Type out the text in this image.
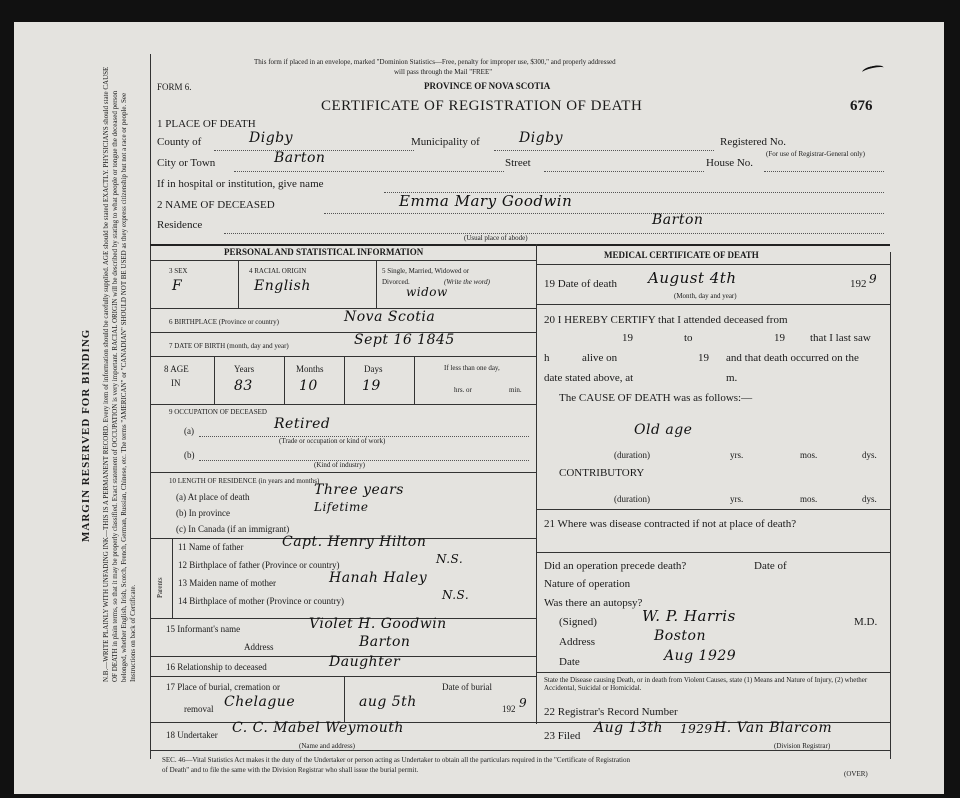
MARGIN RESERVED FOR BINDING N.B.—WRITE PLAINLY WITH UNFADING INK—THIS IS A PERMANENT RECORD. Every item of information should be carefully supplied. AGE should be stated EXACTLY. PHYSICIANS should state CAUSE OF DEATH in plain terms, so that it may be properly classified. Exact statement of OCCUPATION is very important. RACIAL ORIGIN will be described by stating to what people or tongue the deceased person belonged, whether English, Irish, Scotch, French, German, Russian, Chinese, etc. The terms "AMERICAN" or "CANADIAN" SHOULD NOT BE USED as they express citizenship but not a race or people. See Instructions on back of Certificate.
This form if placed in an envelope, marked "Dominion Statistics—Free, penalty for improper use, $300," and properly addressed
will pass through the Mail "FREE"
PROVINCE OF NOVA SCOTIA
FORM 6.
CERTIFICATE OF REGISTRATION OF DEATH	676
1 PLACE OF DEATH
County of	Digby	Municipality of	Digby	Registered No.
(For use of Registrar-General only)
City or Town	Barton	Street	House No.
If in hospital or institution, give name
2 NAME OF DECEASED	Emma Mary Goodwin
Residence	Barton
(Usual place of abode)
PERSONAL AND STATISTICAL INFORMATION
3 SEX
F
4 RACIAL ORIGIN
English
5 Single, Married, Widowed or
Divorced.	(Write the word)
widow
6 BIRTHPLACE (Province or country)	Nova Scotia
7 DATE OF BIRTH (month, day and year)	Sept 16 1845
8 AGE
IN
Years
83
Months
10
Days
19
If less than one day,
hrs. or	min.
9 OCCUPATION OF DECEASED
(a)	Retired
(Trade or occupation or kind of work)
(b)
(Kind of industry)
10 LENGTH OF RESIDENCE (in years and months)
(a) At place of death	Three years
(b) In province	Lifetime
(c) In Canada (if an immigrant)
Parents
11 Name of father	Capt. Henry Hilton
12 Birthplace of father (Province or country)	N.S.
13 Maiden name of mother	Hanah Haley
14 Birthplace of mother (Province or country)	N.S.
15 Informant's name	Violet H. Goodwin
Address	Barton
16 Relationship to deceased	Daughter
17 Place of burial, cremation or
removal Chelague
Date of burial
aug 5th	192 9
18 Undertaker C. C. Mabel Weymouth
(Name and address)
MEDICAL CERTIFICATE OF DEATH
19 Date of death August 4th
(Month, day and year)
192 9
20 I HEREBY CERTIFY that I attended deceased from
19	to	19 that I last saw
h	alive on	19 and that death occurred on the
date stated above, at	m.
The CAUSE OF DEATH was as follows:—
Old age
(duration)	yrs.	mos.	dys.
CONTRIBUTORY
(duration)	yrs.	mos.	dys.
21 Where was disease contracted if not at place of death?
Did an operation precede death?	Date of
Nature of operation
Was there an autopsy?
(Signed)	W. P. Harris	M.D.
Address	Boston
Date	Aug 1929
State the Disease causing Death, or in death from Violent Causes, state (1) Means and Nature of Injury, (2) whether Accidental, Suicidal or Homicidal.
22 Registrar's Record Number
23 Filed Aug 13th 1929 H. Van Blarcom
(Division Registrar)
SEC. 46—Vital Statistics Act makes it the duty of the Undertaker or person acting as Undertaker to obtain all the particulars required in the "Certificate of Registration
of Death" and to file the same with the Division Registrar who shall issue the burial permit.	(OVER)
